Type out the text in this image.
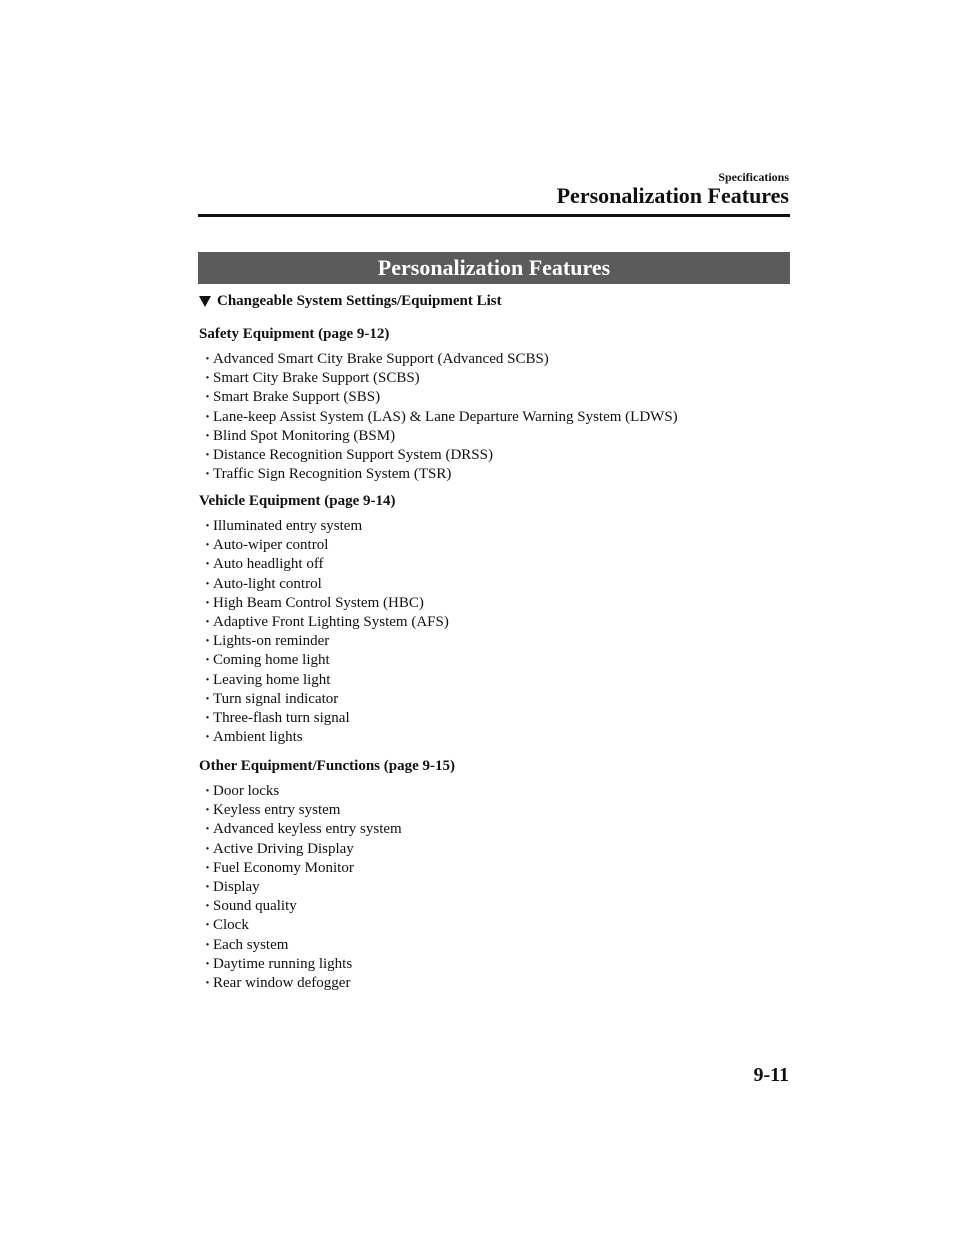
Specifications
Personalization Features
Personalization Features
Changeable System Settings/Equipment List
Safety Equipment (page 9-12)
· Advanced Smart City Brake Support (Advanced SCBS)
· Smart City Brake Support (SCBS)
· Smart Brake Support (SBS)
· Lane-keep Assist System (LAS) & Lane Departure Warning System (LDWS)
· Blind Spot Monitoring (BSM)
· Distance Recognition Support System (DRSS)
· Traffic Sign Recognition System (TSR)
Vehicle Equipment (page 9-14)
· Illuminated entry system
· Auto-wiper control
· Auto headlight off
· Auto-light control
· High Beam Control System (HBC)
· Adaptive Front Lighting System (AFS)
· Lights-on reminder
· Coming home light
· Leaving home light
· Turn signal indicator
· Three-flash turn signal
· Ambient lights
Other Equipment/Functions (page 9-15)
· Door locks
· Keyless entry system
· Advanced keyless entry system
· Active Driving Display
· Fuel Economy Monitor
· Display
· Sound quality
· Clock
· Each system
· Daytime running lights
· Rear window defogger
9-11
